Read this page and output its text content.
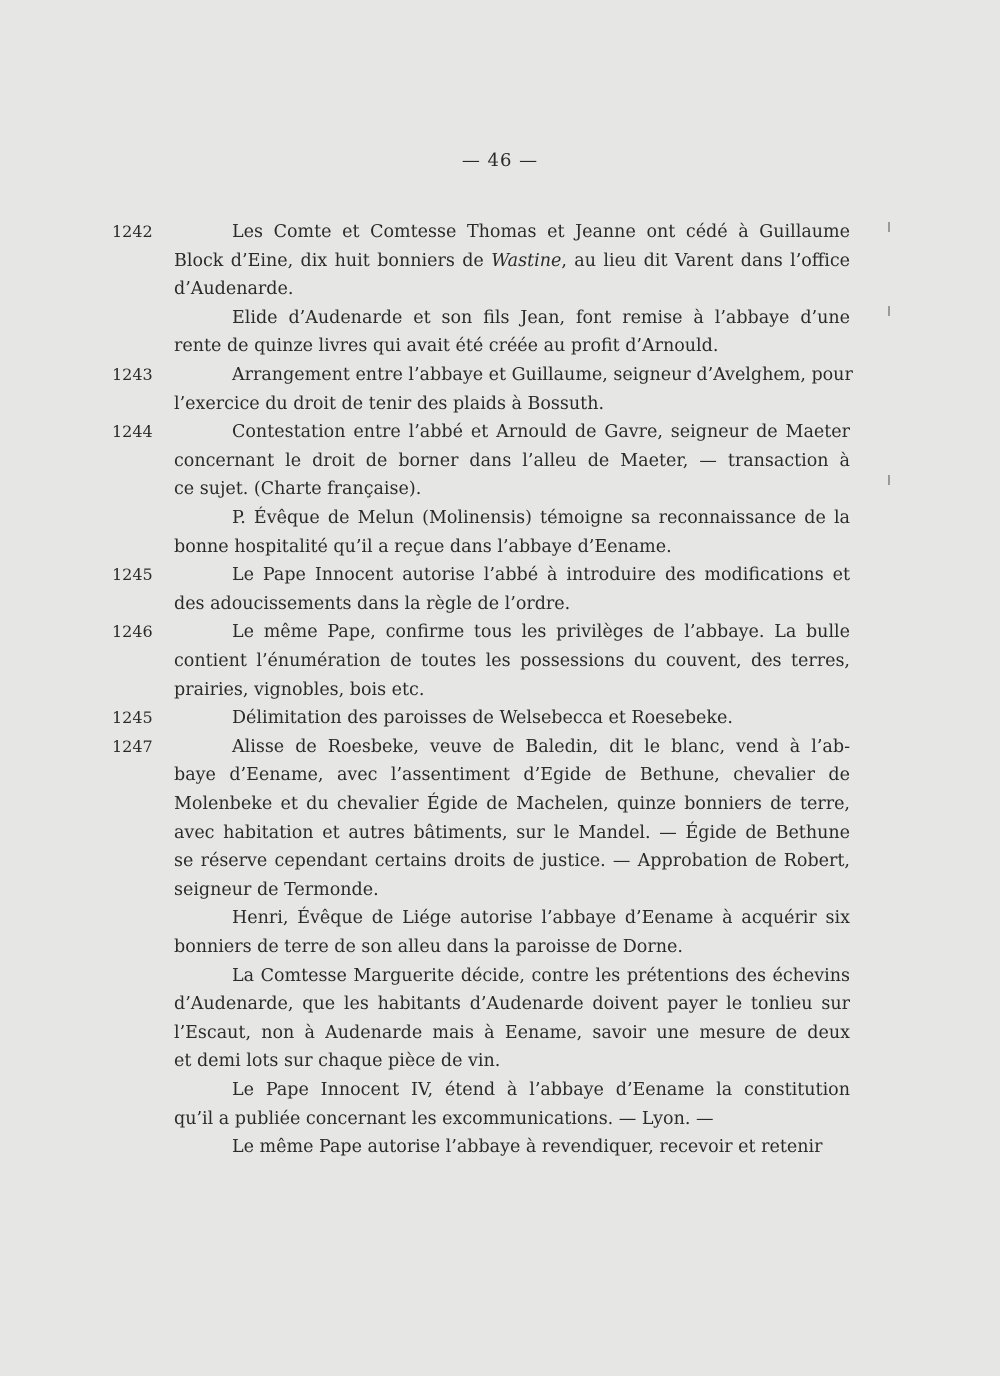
— 46 —
1242	Les Comte et Comtesse Thomas et Jeanne ont cédé à Guillaume
Block d’Eine, dix huit bonniers de Wastine, au lieu dit Varent dans l’office
d’Audenarde.
Elide d’Audenarde et son fils Jean, font remise à l’abbaye d’une
rente de quinze livres qui avait été créée au profit d’Arnould.
1243	Arrangement entre l’abbaye et Guillaume, seigneur d’Avelghem, pour
l’exercice du droit de tenir des plaids à Bossuth.
1244	Contestation entre l’abbé et Arnould de Gavre, seigneur de Maeter
concernant le droit de borner dans l’alleu de Maeter, — transaction à
ce sujet. (Charte française).
P. Évêque de Melun (Molinensis) témoigne sa reconnaissance de la
bonne hospitalité qu’il a reçue dans l’abbaye d’Eename.
1245	Le Pape Innocent autorise l’abbé à introduire des modifications et
des adoucissements dans la règle de l’ordre.
1246	Le même Pape, confirme tous les privilèges de l’abbaye. La bulle
contient l’énumération de toutes les possessions du couvent, des terres,
prairies, vignobles, bois etc.
1245	Délimitation des paroisses de Welsebecca et Roesebeke.
1247	Alisse de Roesbeke, veuve de Baledin, dit le blanc, vend à l’ab-
baye d’Eename, avec l’assentiment d’Egide de Bethune, chevalier de
Molenbeke et du chevalier Égide de Machelen, quinze bonniers de terre,
avec habitation et autres bâtiments, sur le Mandel. — Égide de Bethune
se réserve cependant certains droits de justice. — Approbation de Robert,
seigneur de Termonde.
Henri, Évêque de Liége autorise l’abbaye d’Eename à acquérir six
bonniers de terre de son alleu dans la paroisse de Dorne.
La Comtesse Marguerite décide, contre les prétentions des échevins
d’Audenarde, que les habitants d’Audenarde doivent payer le tonlieu sur
l’Escaut, non à Audenarde mais à Eename, savoir une mesure de deux
et demi lots sur chaque pièce de vin.
Le Pape Innocent IV, étend à l’abbaye d’Eename la constitution
qu’il a publiée concernant les excommunications. — Lyon. —
Le même Pape autorise l’abbaye à revendiquer, recevoir et retenir
